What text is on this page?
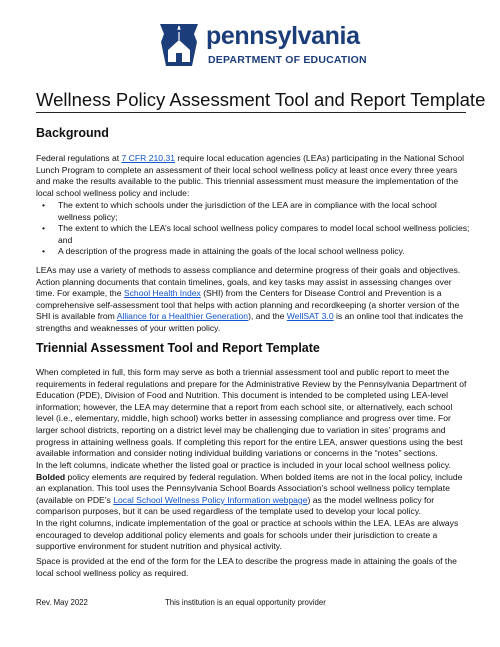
pennsylvania
DEPARTMENT OF EDUCATION
Wellness Policy Assessment Tool and Report Template
Background
Federal regulations at 7 CFR 210.31 require local education agencies (LEAs) participating in the National School Lunch Program to complete an assessment of their local school wellness policy at least once every three years and make the results available to the public. This triennial assessment must measure the implementation of the local school wellness policy and include:
• The extent to which schools under the jurisdiction of the LEA are in compliance with the local school wellness policy;
• The extent to which the LEA’s local school wellness policy compares to model local school wellness policies; and
• A description of the progress made in attaining the goals of the local school wellness policy.
LEAs may use a variety of methods to assess compliance and determine progress of their goals and objectives. Action planning documents that contain timelines, goals, and key tasks may assist in assessing changes over time. For example, the School Health Index (SHI) from the Centers for Disease Control and Prevention is a comprehensive self-assessment tool that helps with action planning and recordkeeping (a shorter version of the SHI is available from Alliance for a Healthier Generation), and the WellSAT 3.0 is an online tool that indicates the strengths and weaknesses of your written policy.
Triennial Assessment Tool and Report Template
When completed in full, this form may serve as both a triennial assessment tool and public report to meet the requirements in federal regulations and prepare for the Administrative Review by the Pennsylvania Department of Education (PDE), Division of Food and Nutrition. This document is intended to be completed using LEA-level information; however, the LEA may determine that a report from each school site, or alternatively, each school level (i.e., elementary, middle, high school) works better in assessing compliance and progress over time. For larger school districts, reporting on a district level may be challenging due to variation in sites’ programs and progress in attaining wellness goals. If completing this report for the entire LEA, answer questions using the best available information and consider noting individual building variations or concerns in the “notes” sections.
In the left columns, indicate whether the listed goal or practice is included in your local school wellness policy. Bolded policy elements are required by federal regulation. When bolded items are not in the local policy, include an explanation. This tool uses the Pennsylvania School Boards Association’s school wellness policy template (available on PDE’s Local School Wellness Policy Information webpage) as the model wellness policy for comparison purposes, but it can be used regardless of the template used to develop your local policy.
In the right columns, indicate implementation of the goal or practice at schools within the LEA. LEAs are always encouraged to develop additional policy elements and goals for schools under their jurisdiction to create a supportive environment for student nutrition and physical activity.
Space is provided at the end of the form for the LEA to describe the progress made in attaining the goals of the local school wellness policy as required.
Rev. May 2022	This institution is an equal opportunity provider
